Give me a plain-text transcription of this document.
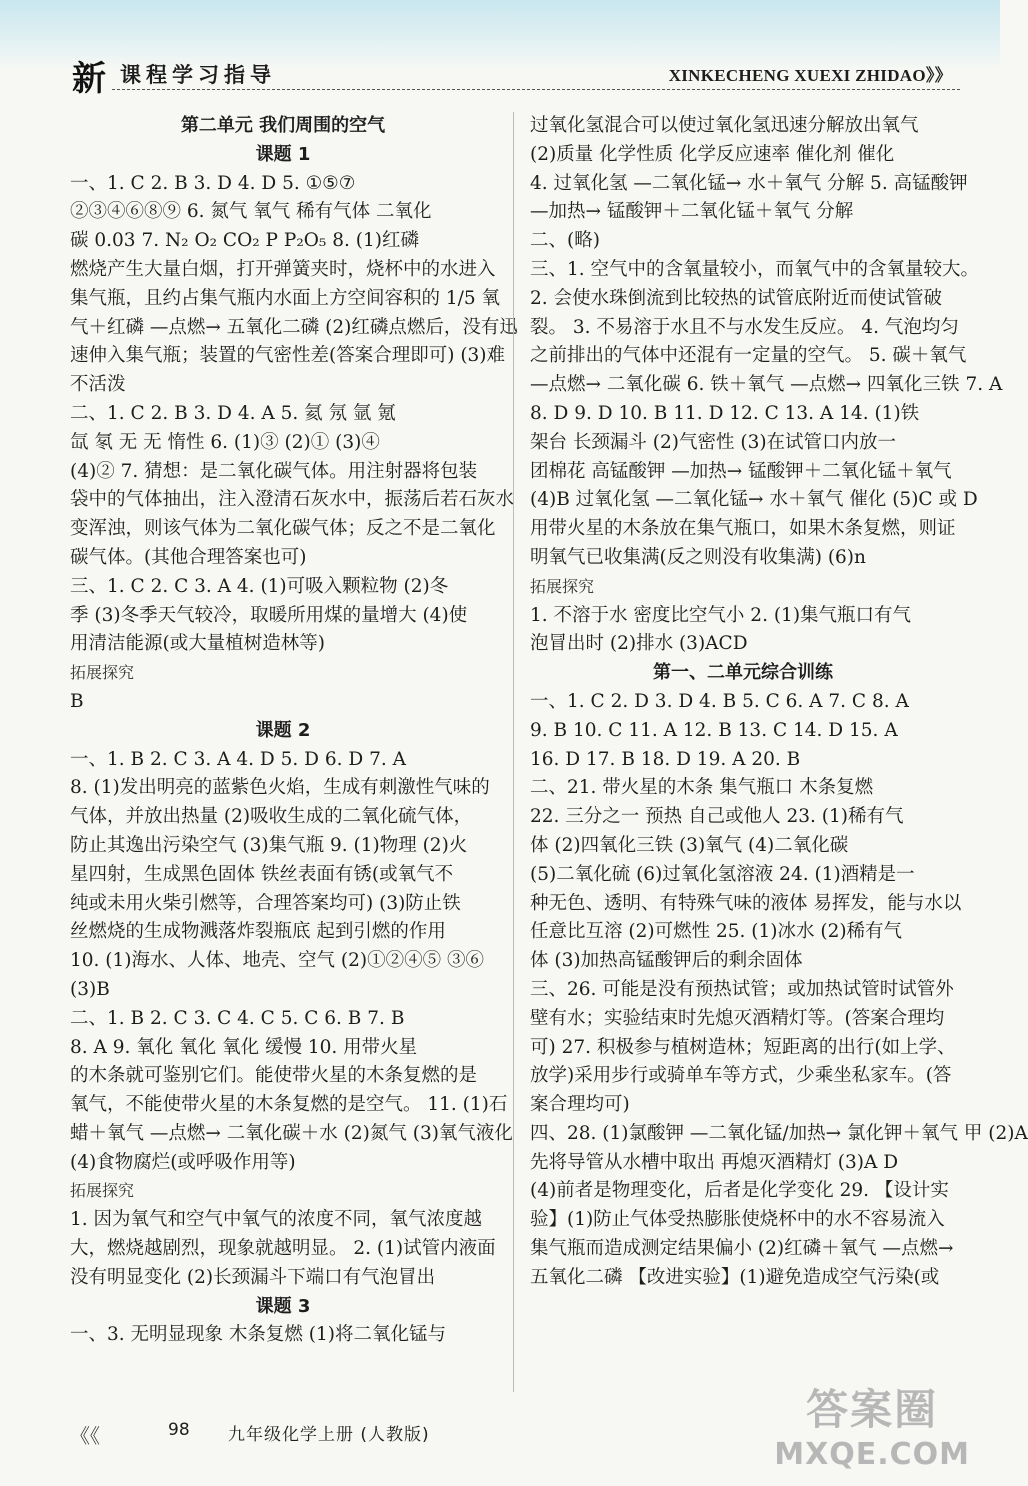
新 课程学习指导	XINKECHENG XUEXI ZHIDAO》》
第二单元 我们周围的空气
课题 1
一、1. C 2. B 3. D 4. D 5. ①⑤⑦
②③④⑥⑧⑨ 6. 氮气 氧气 稀有气体 二氧化
碳 0.03 7. N₂ O₂ CO₂ P P₂O₅ 8. (1)红磷
燃烧产生大量白烟，打开弹簧夹时，烧杯中的水进入
集气瓶，且约占集气瓶内水面上方空间容积的 1/5 氧
气＋红磷 —点燃→ 五氧化二磷 (2)红磷点燃后，没有迅
速伸入集气瓶；装置的气密性差(答案合理即可) (3)难
不活泼
二、1. C 2. B 3. D 4. A 5. 氦 氖 氩 氪
氙 氡 无 无 惰性 6. (1)③ (2)① (3)④
(4)② 7. 猜想：是二氧化碳气体。用注射器将包装
袋中的气体抽出，注入澄清石灰水中，振荡后若石灰水
变浑浊，则该气体为二氧化碳气体；反之不是二氧化
碳气体。(其他合理答案也可)
三、1. C 2. C 3. A 4. (1)可吸入颗粒物 (2)冬
季 (3)冬季天气较冷，取暖所用煤的量增大 (4)使
用清洁能源(或大量植树造林等)
拓展探究
B
课题 2
一、1. B 2. C 3. A 4. D 5. D 6. D 7. A
8. (1)发出明亮的蓝紫色火焰，生成有刺激性气味的
气体，并放出热量 (2)吸收生成的二氧化硫气体，
防止其逸出污染空气 (3)集气瓶 9. (1)物理 (2)火
星四射，生成黑色固体 铁丝表面有锈(或氧气不
纯或未用火柴引燃等，合理答案均可) (3)防止铁
丝燃烧的生成物溅落炸裂瓶底 起到引燃的作用
10. (1)海水、人体、地壳、空气 (2)①②④⑤ ③⑥
(3)B
二、1. B 2. C 3. C 4. C 5. C 6. B 7. B
8. A 9. 氧化 氧化 氧化 缓慢 10. 用带火星
的木条就可鉴别它们。能使带火星的木条复燃的是
氧气，不能使带火星的木条复燃的是空气。 11. (1)石
蜡＋氧气 —点燃→ 二氧化碳＋水 (2)氮气 (3)氧气液化
(4)食物腐烂(或呼吸作用等)
拓展探究
1. 因为氧气和空气中氧气的浓度不同，氧气浓度越
大，燃烧越剧烈，现象就越明显。 2. (1)试管内液面
没有明显变化 (2)长颈漏斗下端口有气泡冒出
课题 3
一、3. 无明显现象 木条复燃 (1)将二氧化锰与
过氧化氢混合可以使过氧化氢迅速分解放出氧气
(2)质量 化学性质 化学反应速率 催化剂 催化
4. 过氧化氢 —二氧化锰→ 水＋氧气 分解 5. 高锰酸钾
—加热→ 锰酸钾＋二氧化锰＋氧气 分解
二、(略)
三、1. 空气中的含氧量较小，而氧气中的含氧量较大。
2. 会使水珠倒流到比较热的试管底附近而使试管破
裂。 3. 不易溶于水且不与水发生反应。 4. 气泡均匀
之前排出的气体中还混有一定量的空气。 5. 碳＋氧气
—点燃→ 二氧化碳 6. 铁＋氧气 —点燃→ 四氧化三铁 7. A
8. D 9. D 10. B 11. D 12. C 13. A 14. (1)铁
架台 长颈漏斗 (2)气密性 (3)在试管口内放一
团棉花 高锰酸钾 —加热→ 锰酸钾＋二氧化锰＋氧气
(4)B 过氧化氢 —二氧化锰→ 水＋氧气 催化 (5)C 或 D
用带火星的木条放在集气瓶口，如果木条复燃，则证
明氧气已收集满(反之则没有收集满) (6)n
拓展探究
1. 不溶于水 密度比空气小 2. (1)集气瓶口有气
泡冒出时 (2)排水 (3)ACD
第一、二单元综合训练
一、1. C 2. D 3. D 4. B 5. C 6. A 7. C 8. A
9. B 10. C 11. A 12. B 13. C 14. D 15. A
16. D 17. B 18. D 19. A 20. B
二、21. 带火星的木条 集气瓶口 木条复燃
22. 三分之一 预热 自己或他人 23. (1)稀有气
体 (2)四氧化三铁 (3)氧气 (4)二氧化碳
(5)二氧化硫 (6)过氧化氢溶液 24. (1)酒精是一
种无色、透明、有特殊气味的液体 易挥发，能与水以
任意比互溶 (2)可燃性 25. (1)冰水 (2)稀有气
体 (3)加热高锰酸钾后的剩余固体
三、26. 可能是没有预热试管；或加热试管时试管外
壁有水；实验结束时先熄灭酒精灯等。(答案合理均
可) 27. 积极参与植树造林；短距离的出行(如上学、
放学)采用步行或骑单车等方式，少乘坐私家车。(答
案合理均可)
四、28. (1)氯酸钾 —二氧化锰/加热→ 氯化钾＋氧气 甲 (2)A
先将导管从水槽中取出 再熄灭酒精灯 (3)A D
(4)前者是物理变化，后者是化学变化 29. 【设计实
验】(1)防止气体受热膨胀使烧杯中的水不容易流入
集气瓶而造成测定结果偏小 (2)红磷＋氧气 —点燃→
五氧化二磷 【改进实验】(1)避免造成空气污染(或
《《	98 九年级化学上册 (人教版)
答案圈
MXQE.COM
